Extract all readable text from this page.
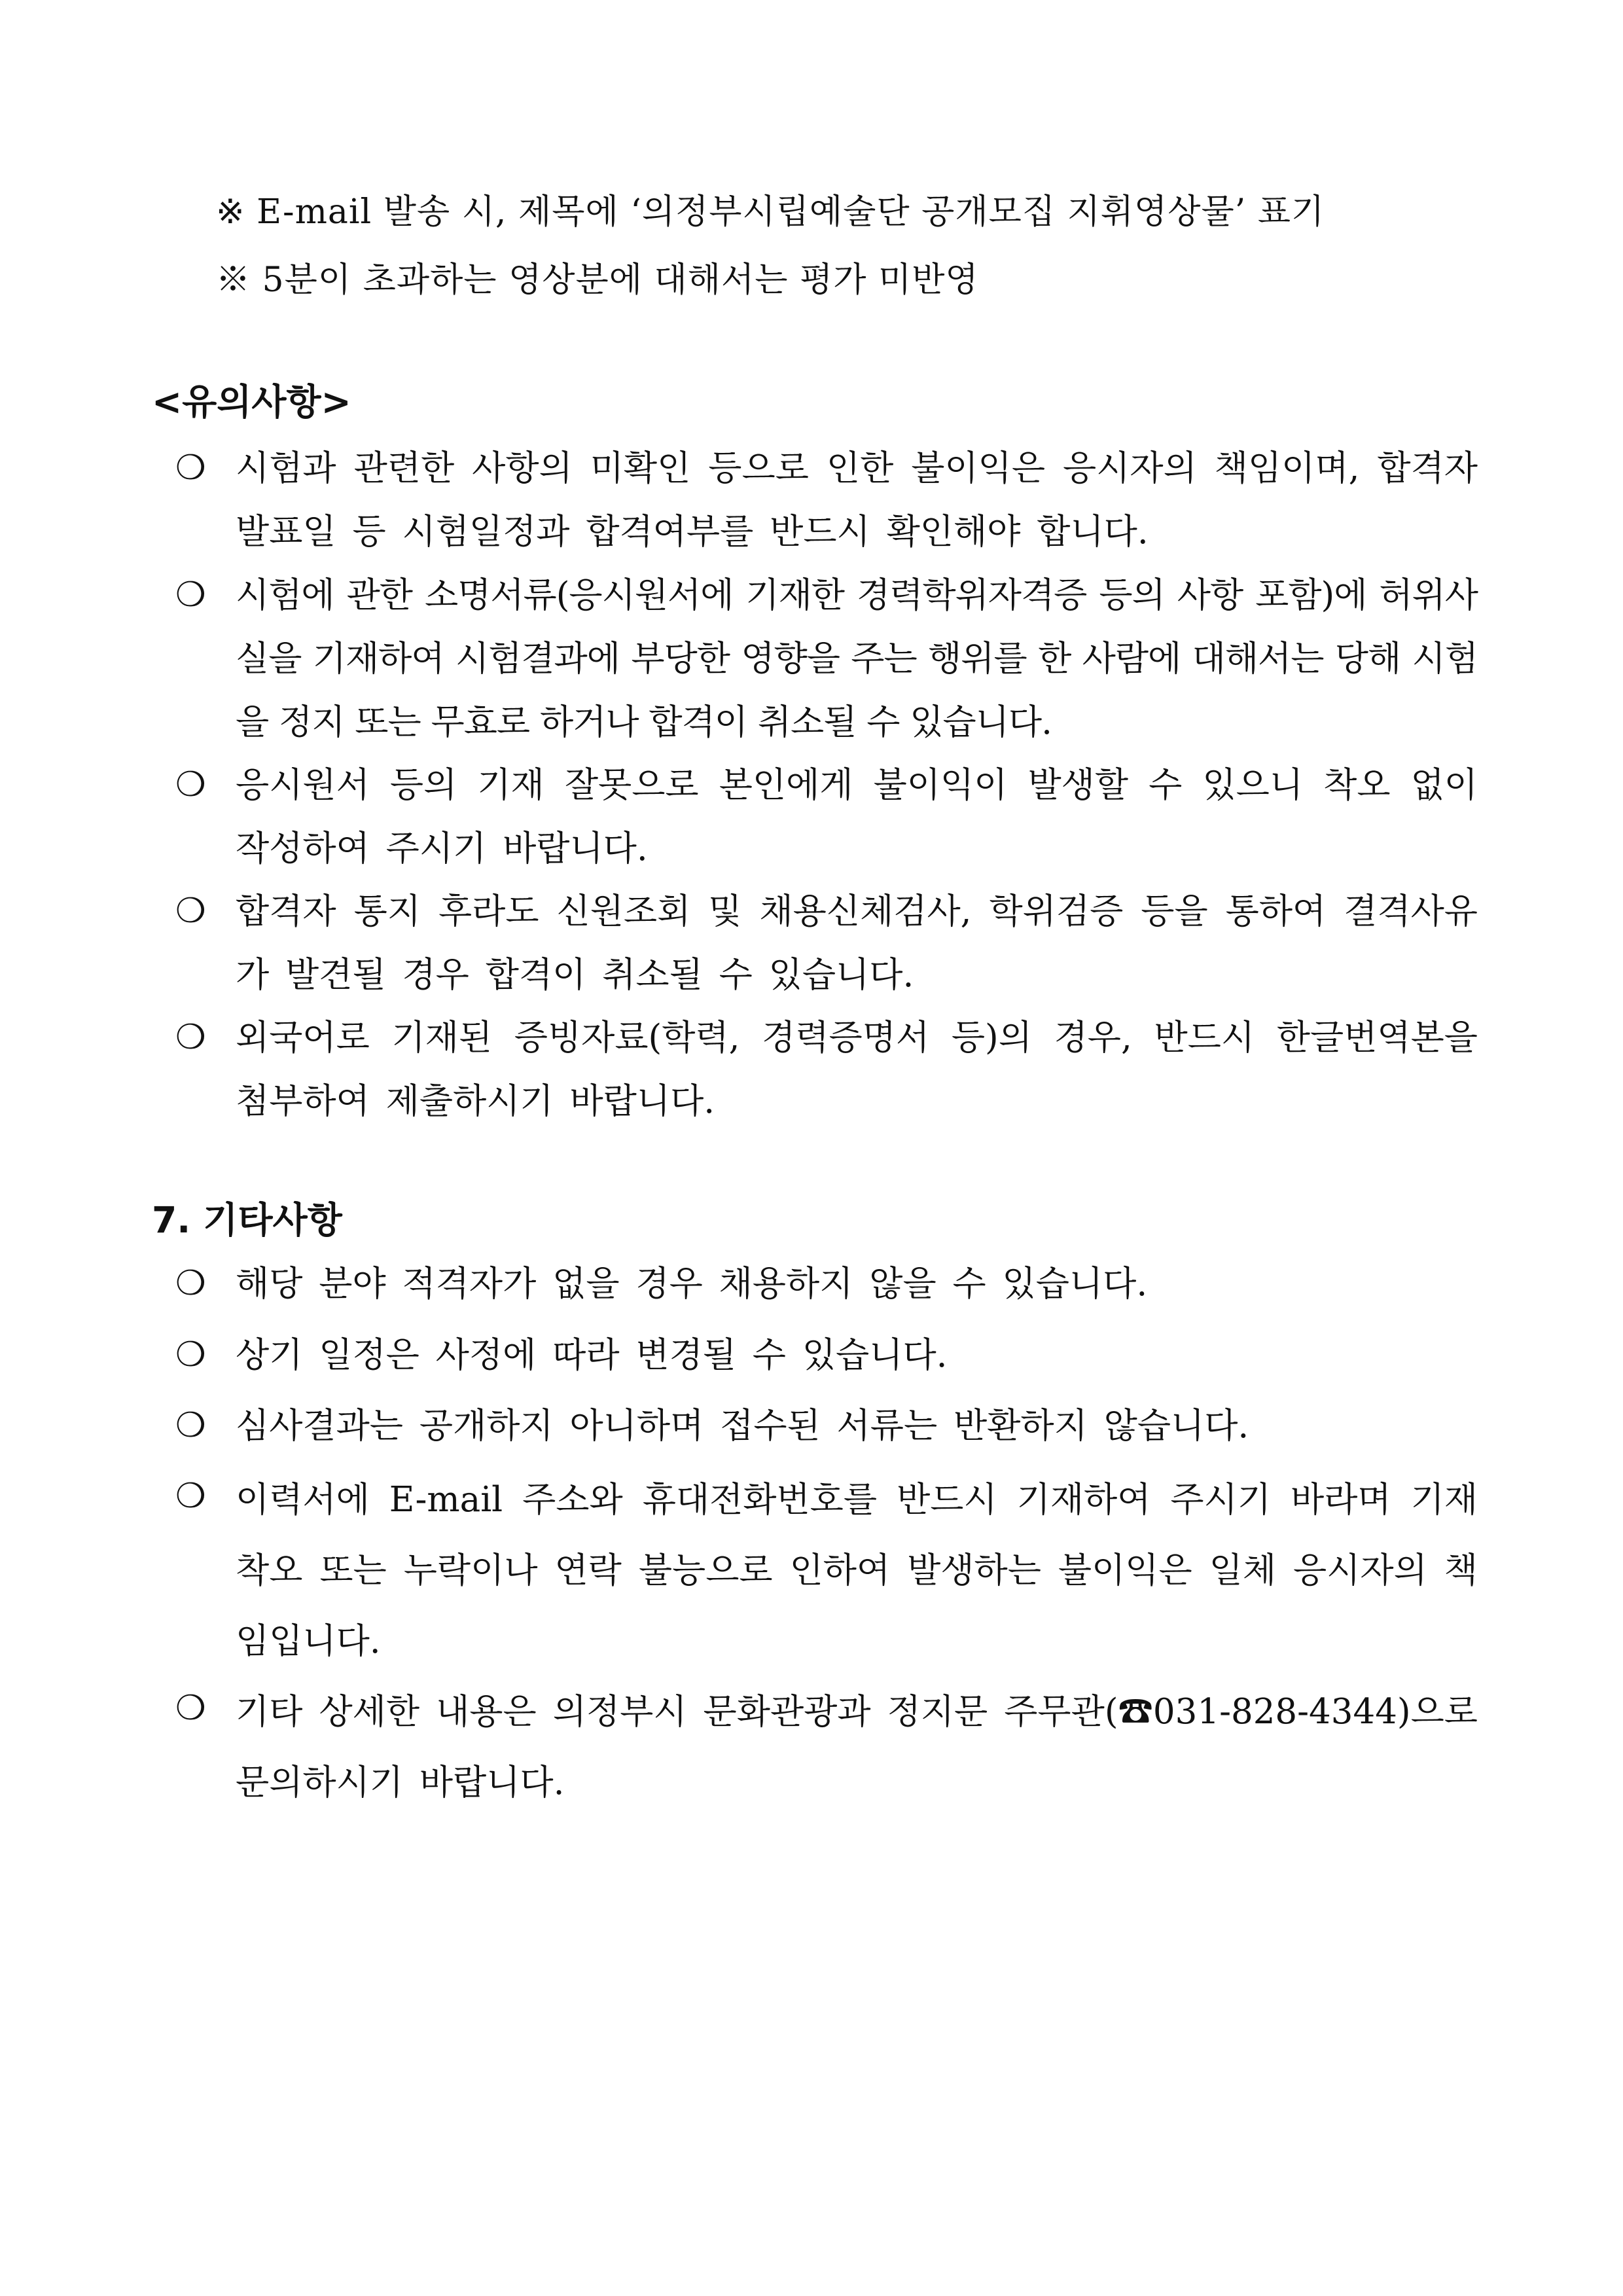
※ E-mail 발송 시, 제목에 ‘의정부시립예술단 공개모집 지휘영상물’ 표기
※ 5분이 초과하는 영상분에 대해서는 평가 미반영
<유의사항>
❍ 시험과 관련한 사항의 미확인 등으로 인한 불이익은 응시자의 책임이며, 합격자 발표일 등 시험일정과 합격여부를 반드시 확인해야 합니다.
❍ 시험에 관한 소명서류(응시원서에 기재한 경력학위자격증 등의 사항 포함)에 허위사실을 기재하여 시험결과에 부당한 영향을 주는 행위를 한 사람에 대해서는 당해 시험을 정지 또는 무효로 하거나 합격이 취소될 수 있습니다.
❍ 응시원서 등의 기재 잘못으로 본인에게 불이익이 발생할 수 있으니 착오 없이 작성하여 주시기 바랍니다.
❍ 합격자 통지 후라도 신원조회 및 채용신체검사, 학위검증 등을 통하여 결격사유가 발견될 경우 합격이 취소될 수 있습니다.
❍ 외국어로 기재된 증빙자료(학력, 경력증명서 등)의 경우, 반드시 한글번역본을 첨부하여 제출하시기 바랍니다.
7. 기타사항
❍ 해당 분야 적격자가 없을 경우 채용하지 않을 수 있습니다.
❍ 상기 일정은 사정에 따라 변경될 수 있습니다.
❍ 심사결과는 공개하지 아니하며 접수된 서류는 반환하지 않습니다.
❍ 이력서에 E-mail 주소와 휴대전화번호를 반드시 기재하여 주시기 바라며 기재착오 또는 누락이나 연락 불능으로 인하여 발생하는 불이익은 일체 응시자의 책임입니다.
❍ 기타 상세한 내용은 의정부시 문화관광과 정지문 주무관(☎031-828-4344)으로 문의하시기 바랍니다.
